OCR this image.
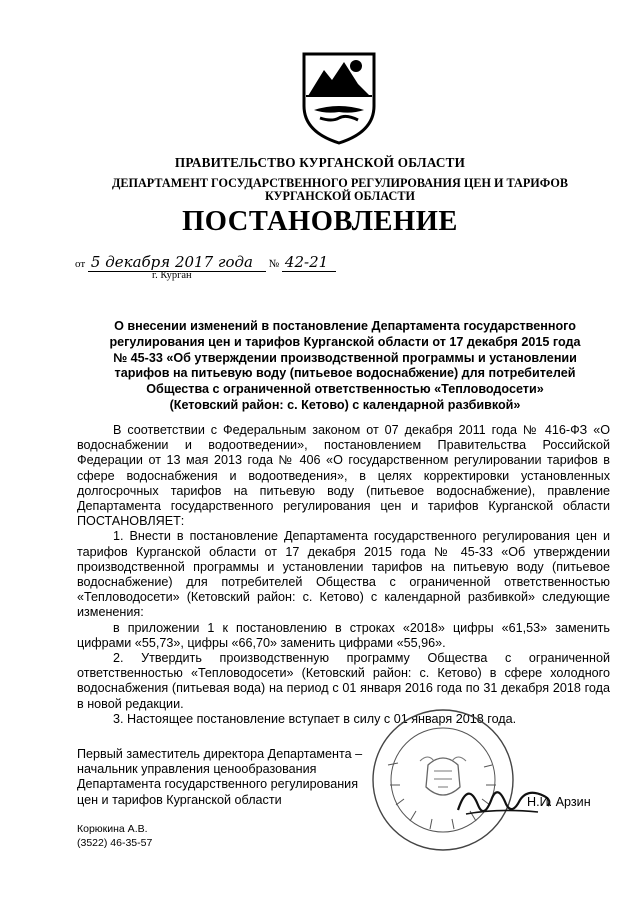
ПРАВИТЕЛЬСТВО КУРГАНСКОЙ ОБЛАСТИ
ДЕПАРТАМЕНТ ГОСУДАРСТВЕННОГО РЕГУЛИРОВАНИЯ ЦЕН И ТАРИФОВ
КУРГАНСКОЙ ОБЛАСТИ
ПОСТАНОВЛЕНИЕ
от 5 декабря 2017 года № 42-21
г. Курган
О внесении изменений в постановление Департамента государственного
регулирования цен и тарифов Курганской области от 17 декабря 2015 года
№ 45-33 «Об утверждении производственной программы и установлении
тарифов на питьевую воду (питьевое водоснабжение) для потребителей
Общества с ограниченной ответственностью «Тепловодосети»
(Кетовский район: с. Кетово) с календарной разбивкой»

В соответствии с Федеральным законом от 07 декабря 2011 года № 416-ФЗ «О водоснабжении и водоотведении», постановлением Правительства Российской Федерации от 13 мая 2013 года № 406 «О государственном регулировании тарифов в сфере водоснабжения и водоотведения», в целях корректировки установленных долгосрочных тарифов на питьевую воду (питьевое водоснабжение), правление Департамента государственного регулирования цен и тарифов Курганской области ПОСТАНОВЛЯЕТ:

1. Внести в постановление Департамента государственного регулирования цен и тарифов Курганской области от 17 декабря 2015 года № 45-33 «Об утверждении производственной программы и установлении тарифов на питьевую воду (питьевое водоснабжение) для потребителей Общества с ограниченной ответственностью «Тепловодосети» (Кетовский район: с. Кетово) с календарной разбивкой» следующие изменения:

в приложении 1 к постановлению в строках «2018» цифры «61,53» заменить цифрами «55,73», цифры «66,70» заменить цифрами «55,96».

2. Утвердить производственную программу Общества с ограниченной ответственностью «Тепловодосети» (Кетовский район: с. Кетово) в сфере холодного водоснабжения (питьевая вода) на период с 01 января 2016 года по 31 декабря 2018 года в новой редакции.

3. Настоящее постановление вступает в силу с 01 января 2018 года.

Первый заместитель директора Департамента –
начальник управления ценообразования
Департамента государственного регулирования
цен и тарифов Курганской области	Н.И. Арзин
Корюкина А.В.
(3522) 46-35-57
